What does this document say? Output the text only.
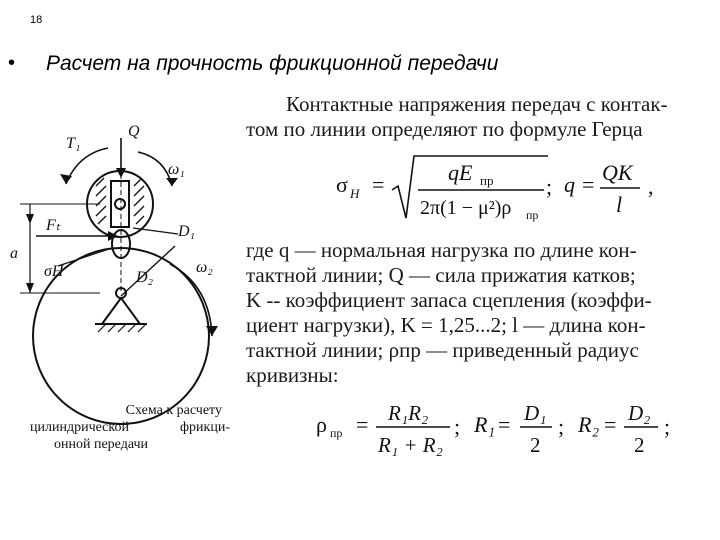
18
• Расчет на прочность фрикционной передачи
T₁
Q
ω₁
Fₜ	D₁
a
σH	ω₂
D₂
Схема к расчету
цилиндрической фрикци-
онной передачи
Контактные напряжения передач с контак-
том по линии определяют по формуле Герца
σ H =	qE пр
2π(1 − μ²)ρ пр
; q = QK
l
,
где q — нормальная нагрузка по длине кон-
тактной линии; Q — сила прижатия катков;
K -- коэффициент запаса сцепления (коэффи-
циент нагрузки), K = 1,25...2; l — длина кон-
тактной линии; ρпр — приведенный радиус
кривизны:
ρ пр = R₁R₂
R₁ + R₂
; R₁ = D₁
2
; R₂ = D₂
2
;
